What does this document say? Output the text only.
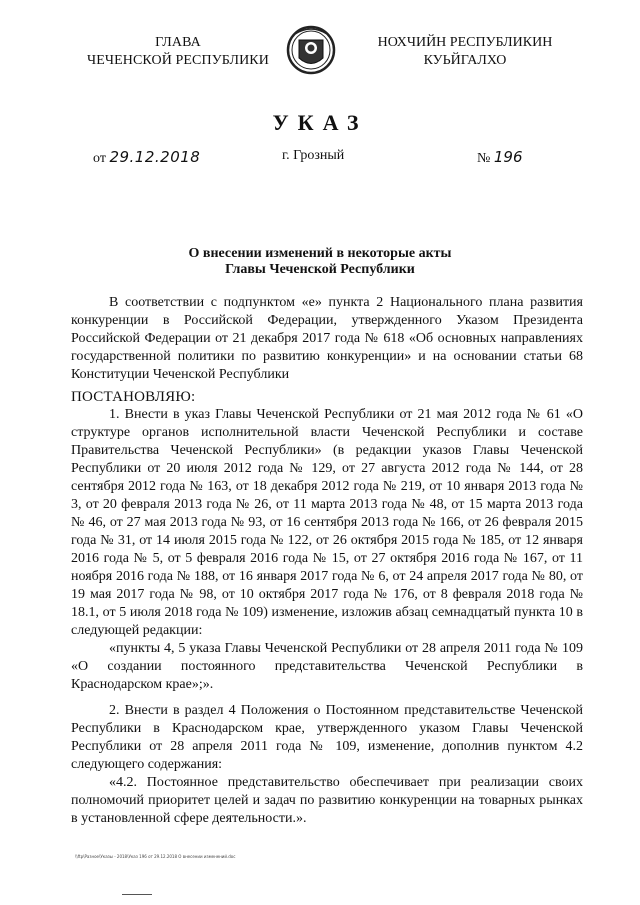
ГЛАВА
ЧЕЧЕНСКОЙ РЕСПУБЛИКИ
НОХЧИЙН РЕСПУБЛИКИН
КУЬЙГАЛХО
УКАЗ
от 29.12.2018	г. Грозный	№ 196
О внесении изменений в некоторые акты
Главы Чеченской Республики

В соответствии с подпунктом «е» пункта 2 Национального плана развития конкуренции в Российской Федерации, утвержденного Указом Президента Российской Федерации от 21 декабря 2017 года № 618 «Об основных направлениях государственной политики по развитию конкуренции» и на основании статьи 68 Конституции Чеченской Республики

ПОСТАНОВЛЯЮ:

1. Внести в указ Главы Чеченской Республики от 21 мая 2012 года № 61 «О структуре органов исполнительной власти Чеченской Республики и составе Правительства Чеченской Республики» (в редакции указов Главы Чеченской Республики от 20 июля 2012 года № 129, от 27 августа 2012 года № 144, от 28 сентября 2012 года № 163, от 18 декабря 2012 года № 219, от 10 января 2013 года № 3, от 20 февраля 2013 года № 26, от 11 марта 2013 года № 48, от 15 марта 2013 года № 46, от 27 мая 2013 года № 93, от 16 сентября 2013 года № 166, от 26 февраля 2015 года № 31, от 14 июля 2015 года № 122, от 26 октября 2015 года № 185, от 12 января 2016 года № 5, от 5 февраля 2016 года № 15, от 27 октября 2016 года № 167, от 11 ноября 2016 года № 188, от 16 января 2017 года № 6, от 24 апреля 2017 года № 80, от 19 мая 2017 года № 98, от 10 октября 2017 года № 176, от 8 февраля 2018 года № 18.1, от 5 июля 2018 года № 109) изменение, изложив абзац семнадцатый пункта 10 в следующей редакции:

«пункты 4, 5 указа Главы Чеченской Республики от 28 апреля 2011 года № 109 «О создании постоянного представительства Чеченской Республики в Краснодарском крае»;».

2. Внести в раздел 4 Положения о Постоянном представительстве Чеченской Республики в Краснодарском крае, утвержденного указом Главы Чеченской Республики от 28 апреля 2011 года № 109, изменение, дополнив пунктом 4.2 следующего содержания:

«4.2. Постоянное представительство обеспечивает при реализации своих полномочий приоритет целей и задач по развитию конкуренции на товарных рынках в установленной сфере деятельности.».

\\ftp\Разное\Указы - 2018\Указ 196 от 29.12.2018 О внесении изменений.doc
